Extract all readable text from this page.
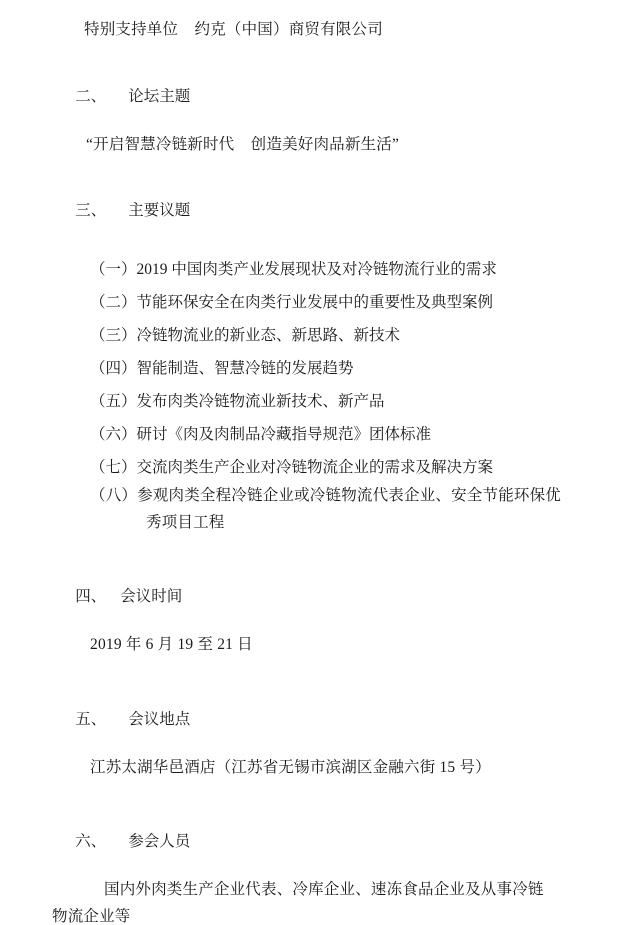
特别支持单位    约克（中国）商贸有限公司

二、 论坛主题

“开启智慧冷链新时代    创造美好肉品新生活”

三、 主要议题

（一）2019 中国肉类产业发展现状及对冷链物流行业的需求
（二）节能环保安全在肉类行业发展中的重要性及典型案例
（三）冷链物流业的新业态、新思路、新技术
（四）智能制造、智慧冷链的发展趋势
（五）发布肉类冷链物流业新技术、新产品
（六）研讨《肉及肉制品冷藏指导规范》团体标准
（七）交流肉类生产企业对冷链物流企业的需求及解决方案
（八）参观肉类全程冷链企业或冷链物流代表企业、安全节能环保优
秀项目工程

四、 会议时间

2019 年 6 月 19 至 21 日

五、 会议地点

江苏太湖华邑酒店（江苏省无锡市滨湖区金融六街 15 号）

六、 参会人员

国内外肉类生产企业代表、冷库企业、速冻食品企业及从事冷链
物流企业等
